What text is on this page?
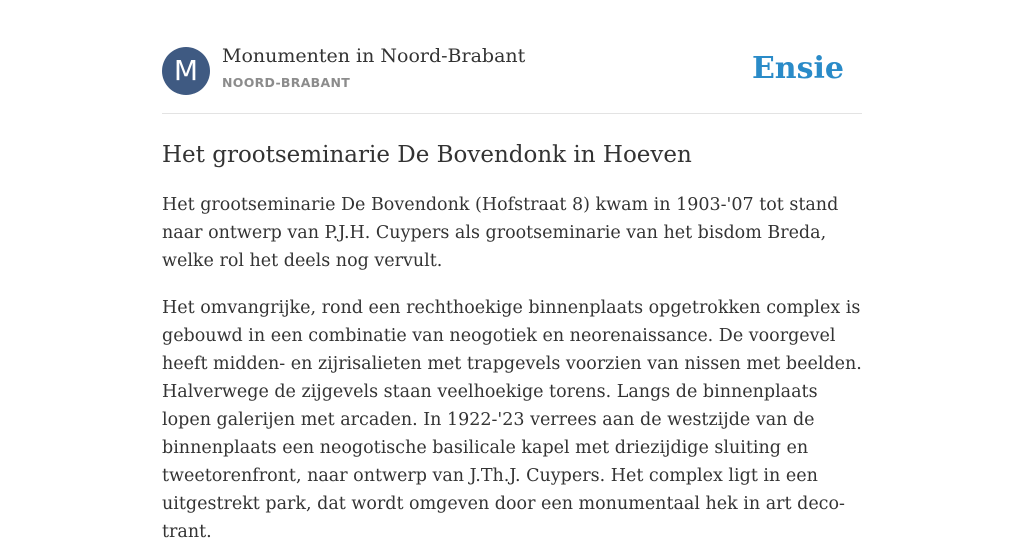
M	Monumenten in Noord-Brabant
NOORD-BRABANT	Ensie
Het grootseminarie De Bovendonk in Hoeven

Het grootseminarie De Bovendonk (Hofstraat 8) kwam in 1903-'07 tot stand naar ontwerp van P.J.H. Cuypers als grootseminarie van het bisdom Breda, welke rol het deels nog vervult.

Het omvangrijke, rond een rechthoekige binnenplaats opgetrokken complex is gebouwd in een combinatie van neogotiek en neorenaissance. De voorgevel heeft midden- en zijrisalieten met trapgevels voorzien van nissen met beelden. Halverwege de zijgevels staan veelhoekige torens. Langs de binnenplaats lopen galerijen met arcaden. In 1922-'23 verrees aan de westzijde van de binnenplaats een neogotische basilicale kapel met driezijdige sluiting en tweetorenfront, naar ontwerp van J.Th.J. Cuypers. Het complex ligt in een uitgestrekt park, dat wordt omgeven door een monumentaal hek in art deco-trant.
